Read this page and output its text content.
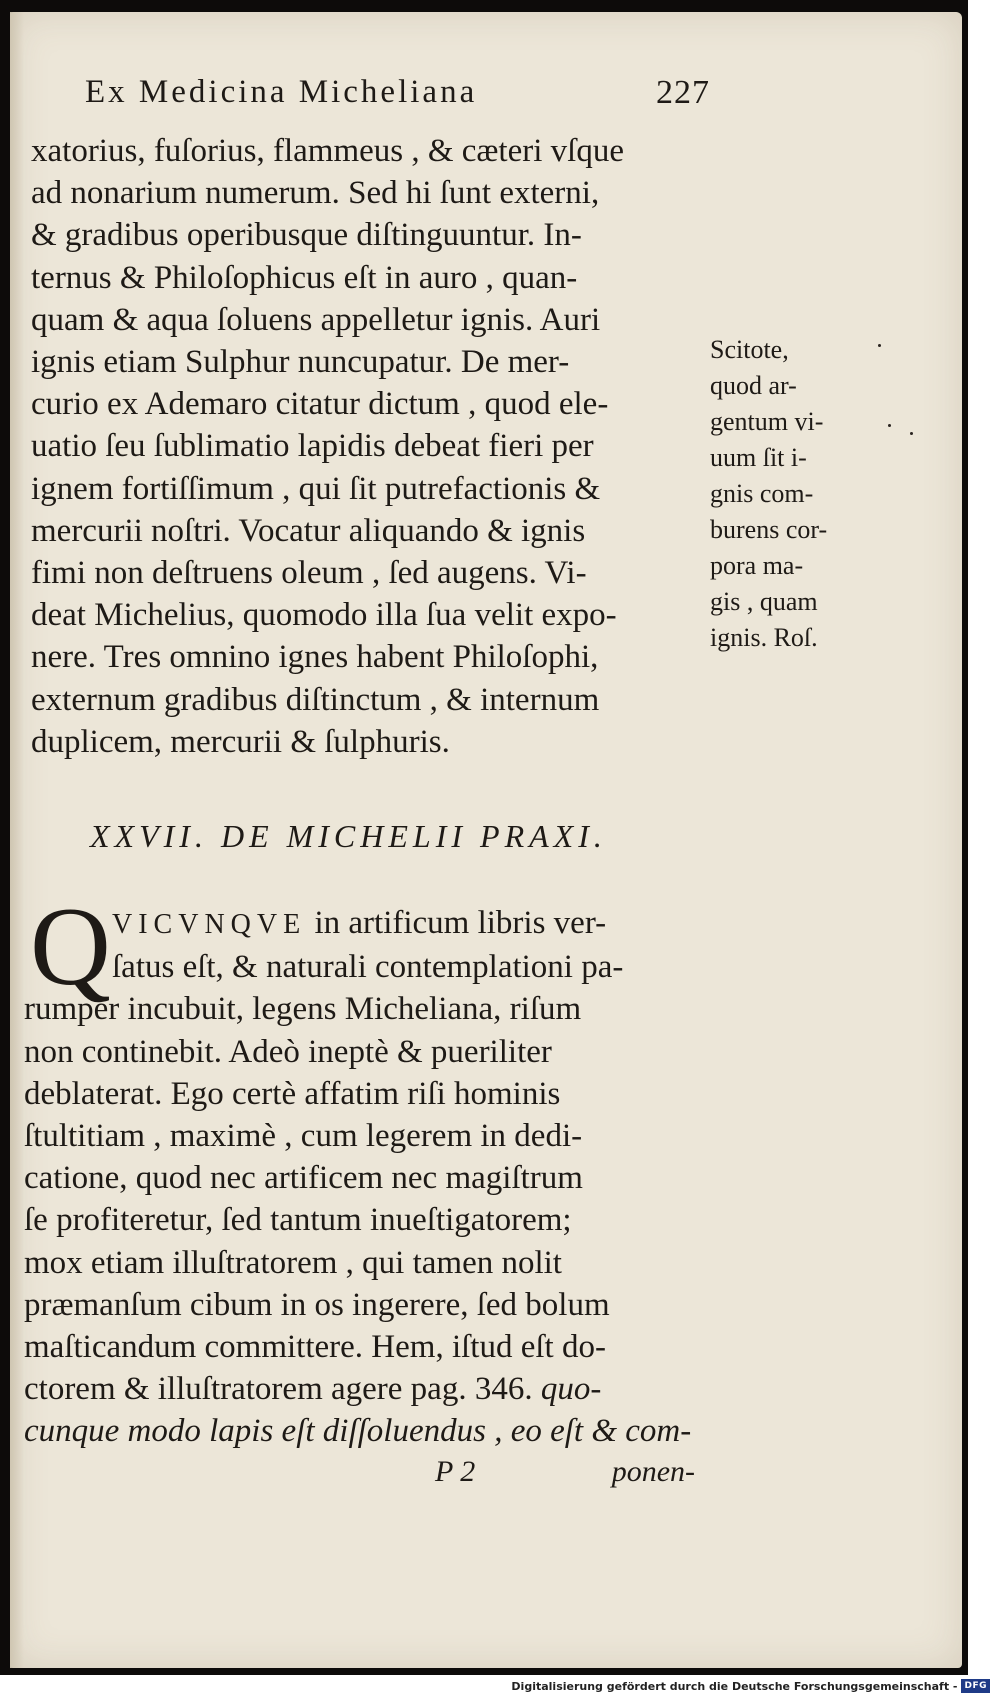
Ex Medicina Micheliana	227
xatorius, fuſorius, flammeus , & cæteri vſque
ad nonarium numerum. Sed hi ſunt externi,
& gradibus operibusque diſtinguuntur. In-
ternus & Philoſophicus eſt in auro , quan-
quam & aqua ſoluens appelletur ignis. Auri
ignis etiam Sulphur nuncupatur. De mer-
curio ex Ademaro citatur dictum , quod ele-
uatio ſeu ſublimatio lapidis debeat fieri per
ignem fortiſſimum , qui ſit putrefactionis &
mercurii noſtri. Vocatur aliquando & ignis
fimi non deſtruens oleum , ſed augens. Vi-
deat Michelius, quomodo illa ſua velit expo-
nere. Tres omnino ignes habent Philoſophi,
externum gradibus diſtinctum , & internum
duplicem, mercurii & ſulphuris.
Scitote,
quod ar-
gentum vi-
uum ſit i-
gnis com-
burens cor-
pora ma-
gis , quam
ignis. Roſ.
XXVII. DE MICHELII PRAXI.
Q VICVNQVE in artificum libris ver-
ſatus eſt, & naturali contemplationi pa-
rumper incubuit, legens Micheliana, riſum
non continebit. Adeò ineptè & pueriliter
deblaterat. Ego certè affatim riſi hominis
ſtultitiam , maximè , cum legerem in dedi-
catione, quod nec artificem nec magiſtrum
ſe profiteretur, ſed tantum inueſtigatorem;
mox etiam illuſtratorem , qui tamen nolit
præmanſum cibum in os ingerere, ſed bolum
maſticandum committere. Hem, iſtud eſt do-
ctorem & illuſtratorem agere pag. 346. quo-
cunque modo lapis eſt diſſoluendus , eo eſt & com-
P 2	ponen-
Digitalisierung gefördert durch die Deutsche Forschungsgemeinschaft - DFG
